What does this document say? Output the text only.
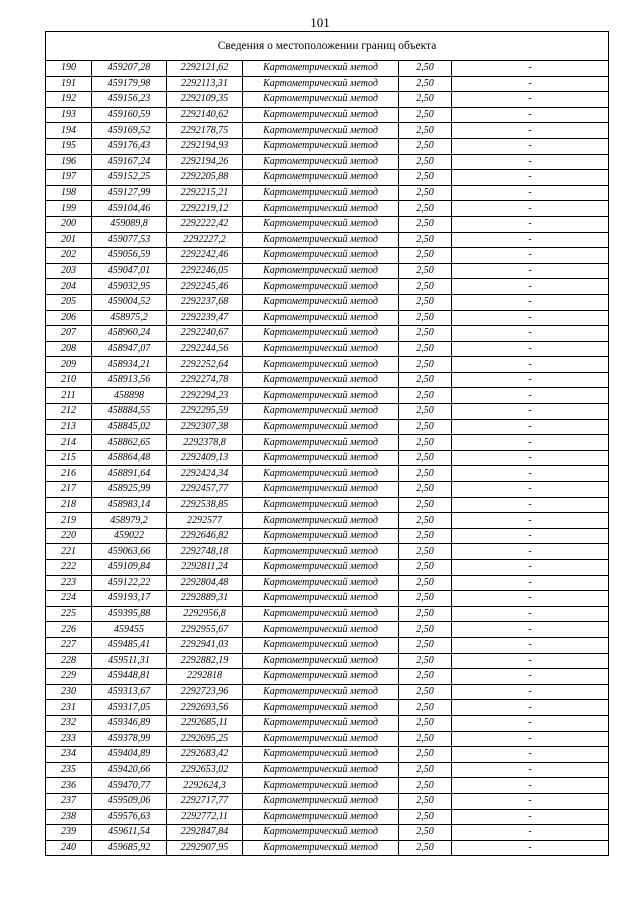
101
Сведения о местоположении границ объекта					
190	459207,28	2292121,62	Картометрический метод	2,50	-
191	459179,98	2292113,31	Картометрический метод	2,50	-
192	459156,23	2292109,35	Картометрический метод	2,50	-
193	459160,59	2292140,62	Картометрический метод	2,50	-
194	459169,52	2292178,75	Картометрический метод	2,50	-
195	459176,43	2292194,93	Картометрический метод	2,50	-
196	459167,24	2292194,26	Картометрический метод	2,50	-
197	459152,25	2292205,88	Картометрический метод	2,50	-
198	459127,99	2292215,21	Картометрический метод	2,50	-
199	459104,46	2292219,12	Картометрический метод	2,50	-
200	459089,8	2292222,42	Картометрический метод	2,50	-
201	459077,53	2292227,2	Картометрический метод	2,50	-
202	459056,59	2292242,46	Картометрический метод	2,50	-
203	459047,01	2292246,05	Картометрический метод	2,50	-
204	459032,95	2292245,46	Картометрический метод	2,50	-
205	459004,52	2292237,68	Картометрический метод	2,50	-
206	458975,2	2292239,47	Картометрический метод	2,50	-
207	458960,24	2292240,67	Картометрический метод	2,50	-
208	458947,07	2292244,56	Картометрический метод	2,50	-
209	458934,21	2292252,64	Картометрический метод	2,50	-
210	458913,56	2292274,78	Картометрический метод	2,50	-
211	458898	2292294,23	Картометрический метод	2,50	-
212	458884,55	2292295,59	Картометрический метод	2,50	-
213	458845,02	2292307,38	Картометрический метод	2,50	-
214	458862,65	2292378,8	Картометрический метод	2,50	-
215	458864,48	2292409,13	Картометрический метод	2,50	-
216	458891,64	2292424,34	Картометрический метод	2,50	-
217	458925,99	2292457,77	Картометрический метод	2,50	-
218	458983,14	2292538,85	Картометрический метод	2,50	-
219	458979,2	2292577	Картометрический метод	2,50	-
220	459022	2292646,82	Картометрический метод	2,50	-
221	459063,66	2292748,18	Картометрический метод	2,50	-
222	459109,84	2292811,24	Картометрический метод	2,50	-
223	459122,22	2292804,48	Картометрический метод	2,50	-
224	459193,17	2292889,31	Картометрический метод	2,50	-
225	459395,88	2292956,8	Картометрический метод	2,50	-
226	459455	2292955,67	Картометрический метод	2,50	-
227	459485,41	2292941,03	Картометрический метод	2,50	-
228	459511,31	2292882,19	Картометрический метод	2,50	-
229	459448,81	2292818	Картометрический метод	2,50	-
230	459313,67	2292723,96	Картометрический метод	2,50	-
231	459317,05	2292693,56	Картометрический метод	2,50	-
232	459346,89	2292685,11	Картометрический метод	2,50	-
233	459378,99	2292695,25	Картометрический метод	2,50	-
234	459404,89	2292683,42	Картометрический метод	2,50	-
235	459420,66	2292653,02	Картометрический метод	2,50	-
236	459470,77	2292624,3	Картометрический метод	2,50	-
237	459509,06	2292717,77	Картометрический метод	2,50	-
238	459576,63	2292772,11	Картометрический метод	2,50	-
239	459611,54	2292847,84	Картометрический метод	2,50	-
240	459685,92	2292907,95	Картометрический метод	2,50	-
